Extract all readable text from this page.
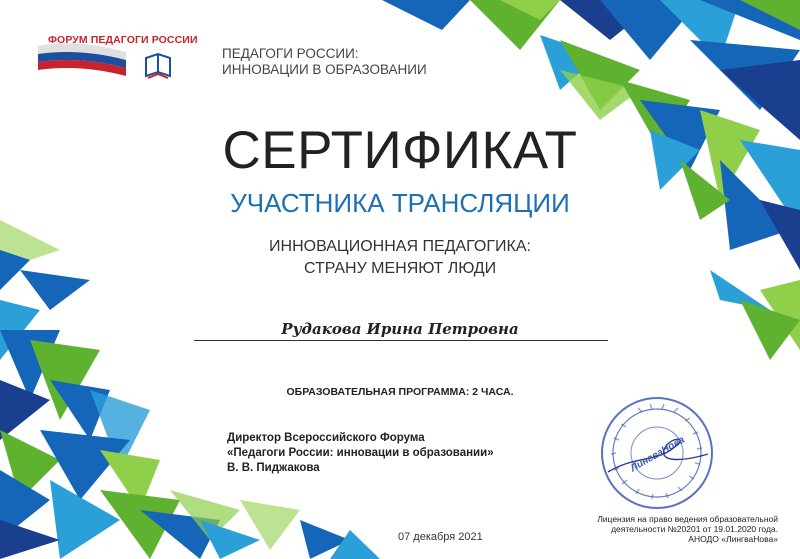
ФОРУМ ПЕДАГОГИ РОССИИ
ПЕДАГОГИ РОССИИ:
ИННОВАЦИИ В ОБРАЗОВАНИИ
СЕРТИФИКАТ
УЧАСТНИКА ТРАНСЛЯЦИИ
ИННОВАЦИОННАЯ ПЕДАГОГИКА:
СТРАНУ МЕНЯЮТ ЛЮДИ
Рудакова Ирина Петровна
ОБРАЗОВАТЕЛЬНАЯ ПРОГРАММА: 2 ЧАСА.
Директор Всероссийского Форума
«Педагоги России: инновации в образовании»
В. В. Пиджакова	ЛингваНова
07 декабря 2021
Лицензия на право ведения образовательной
деятельности №20201 от 19.01.2020 года.
АНОДО «ЛингваНова»
